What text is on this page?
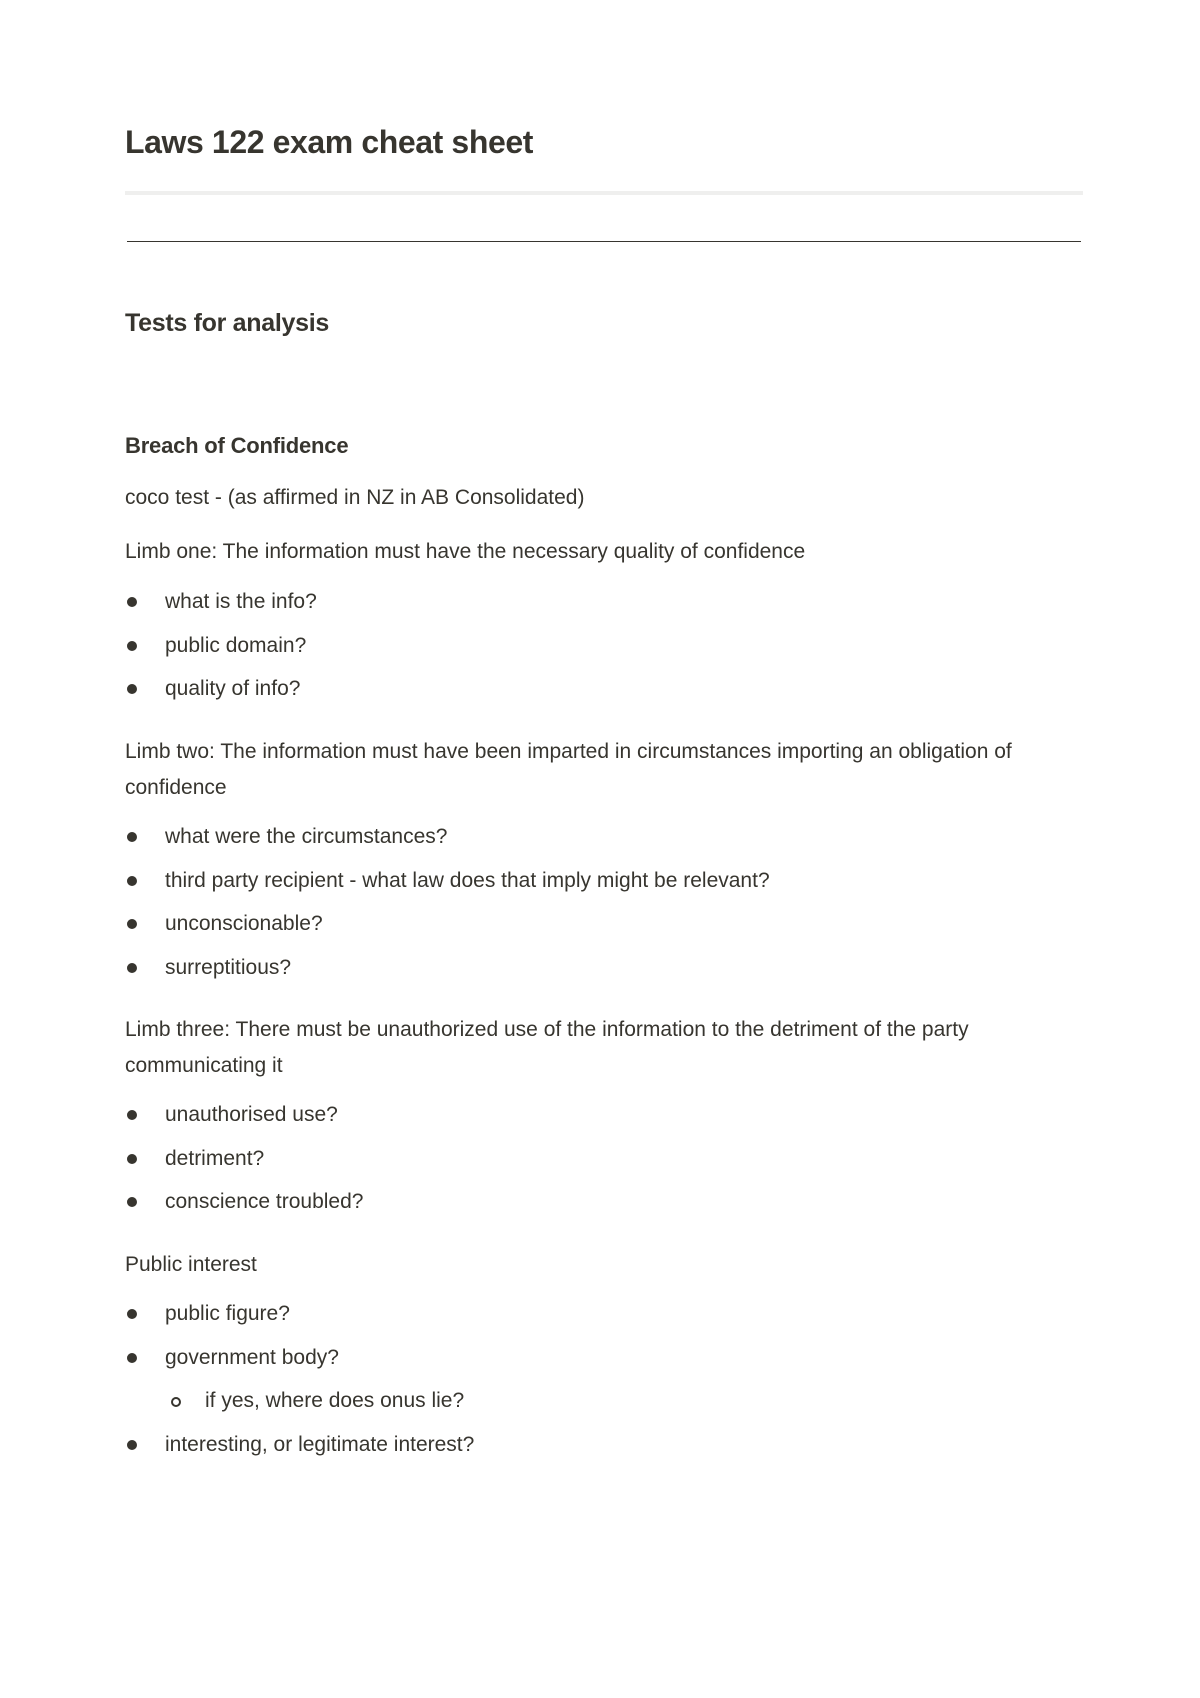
Laws 122 exam cheat sheet
Tests for analysis
Breach of Confidence

coco test - (as affirmed in NZ in AB Consolidated)

Limb one: The information must have the necessary quality of confidence

what is the info?
public domain?
quality of info?

Limb two: The information must have been imparted in circumstances importing an obligation of confidence

what were the circumstances?
third party recipient - what law does that imply might be relevant?
unconscionable?
surreptitious?

Limb three: There must be unauthorized use of the information to the detriment of the party communicating it

unauthorised use?
detriment?
conscience troubled?

Public interest

public figure?
government body?
if yes, where does onus lie?
interesting, or legitimate interest?
